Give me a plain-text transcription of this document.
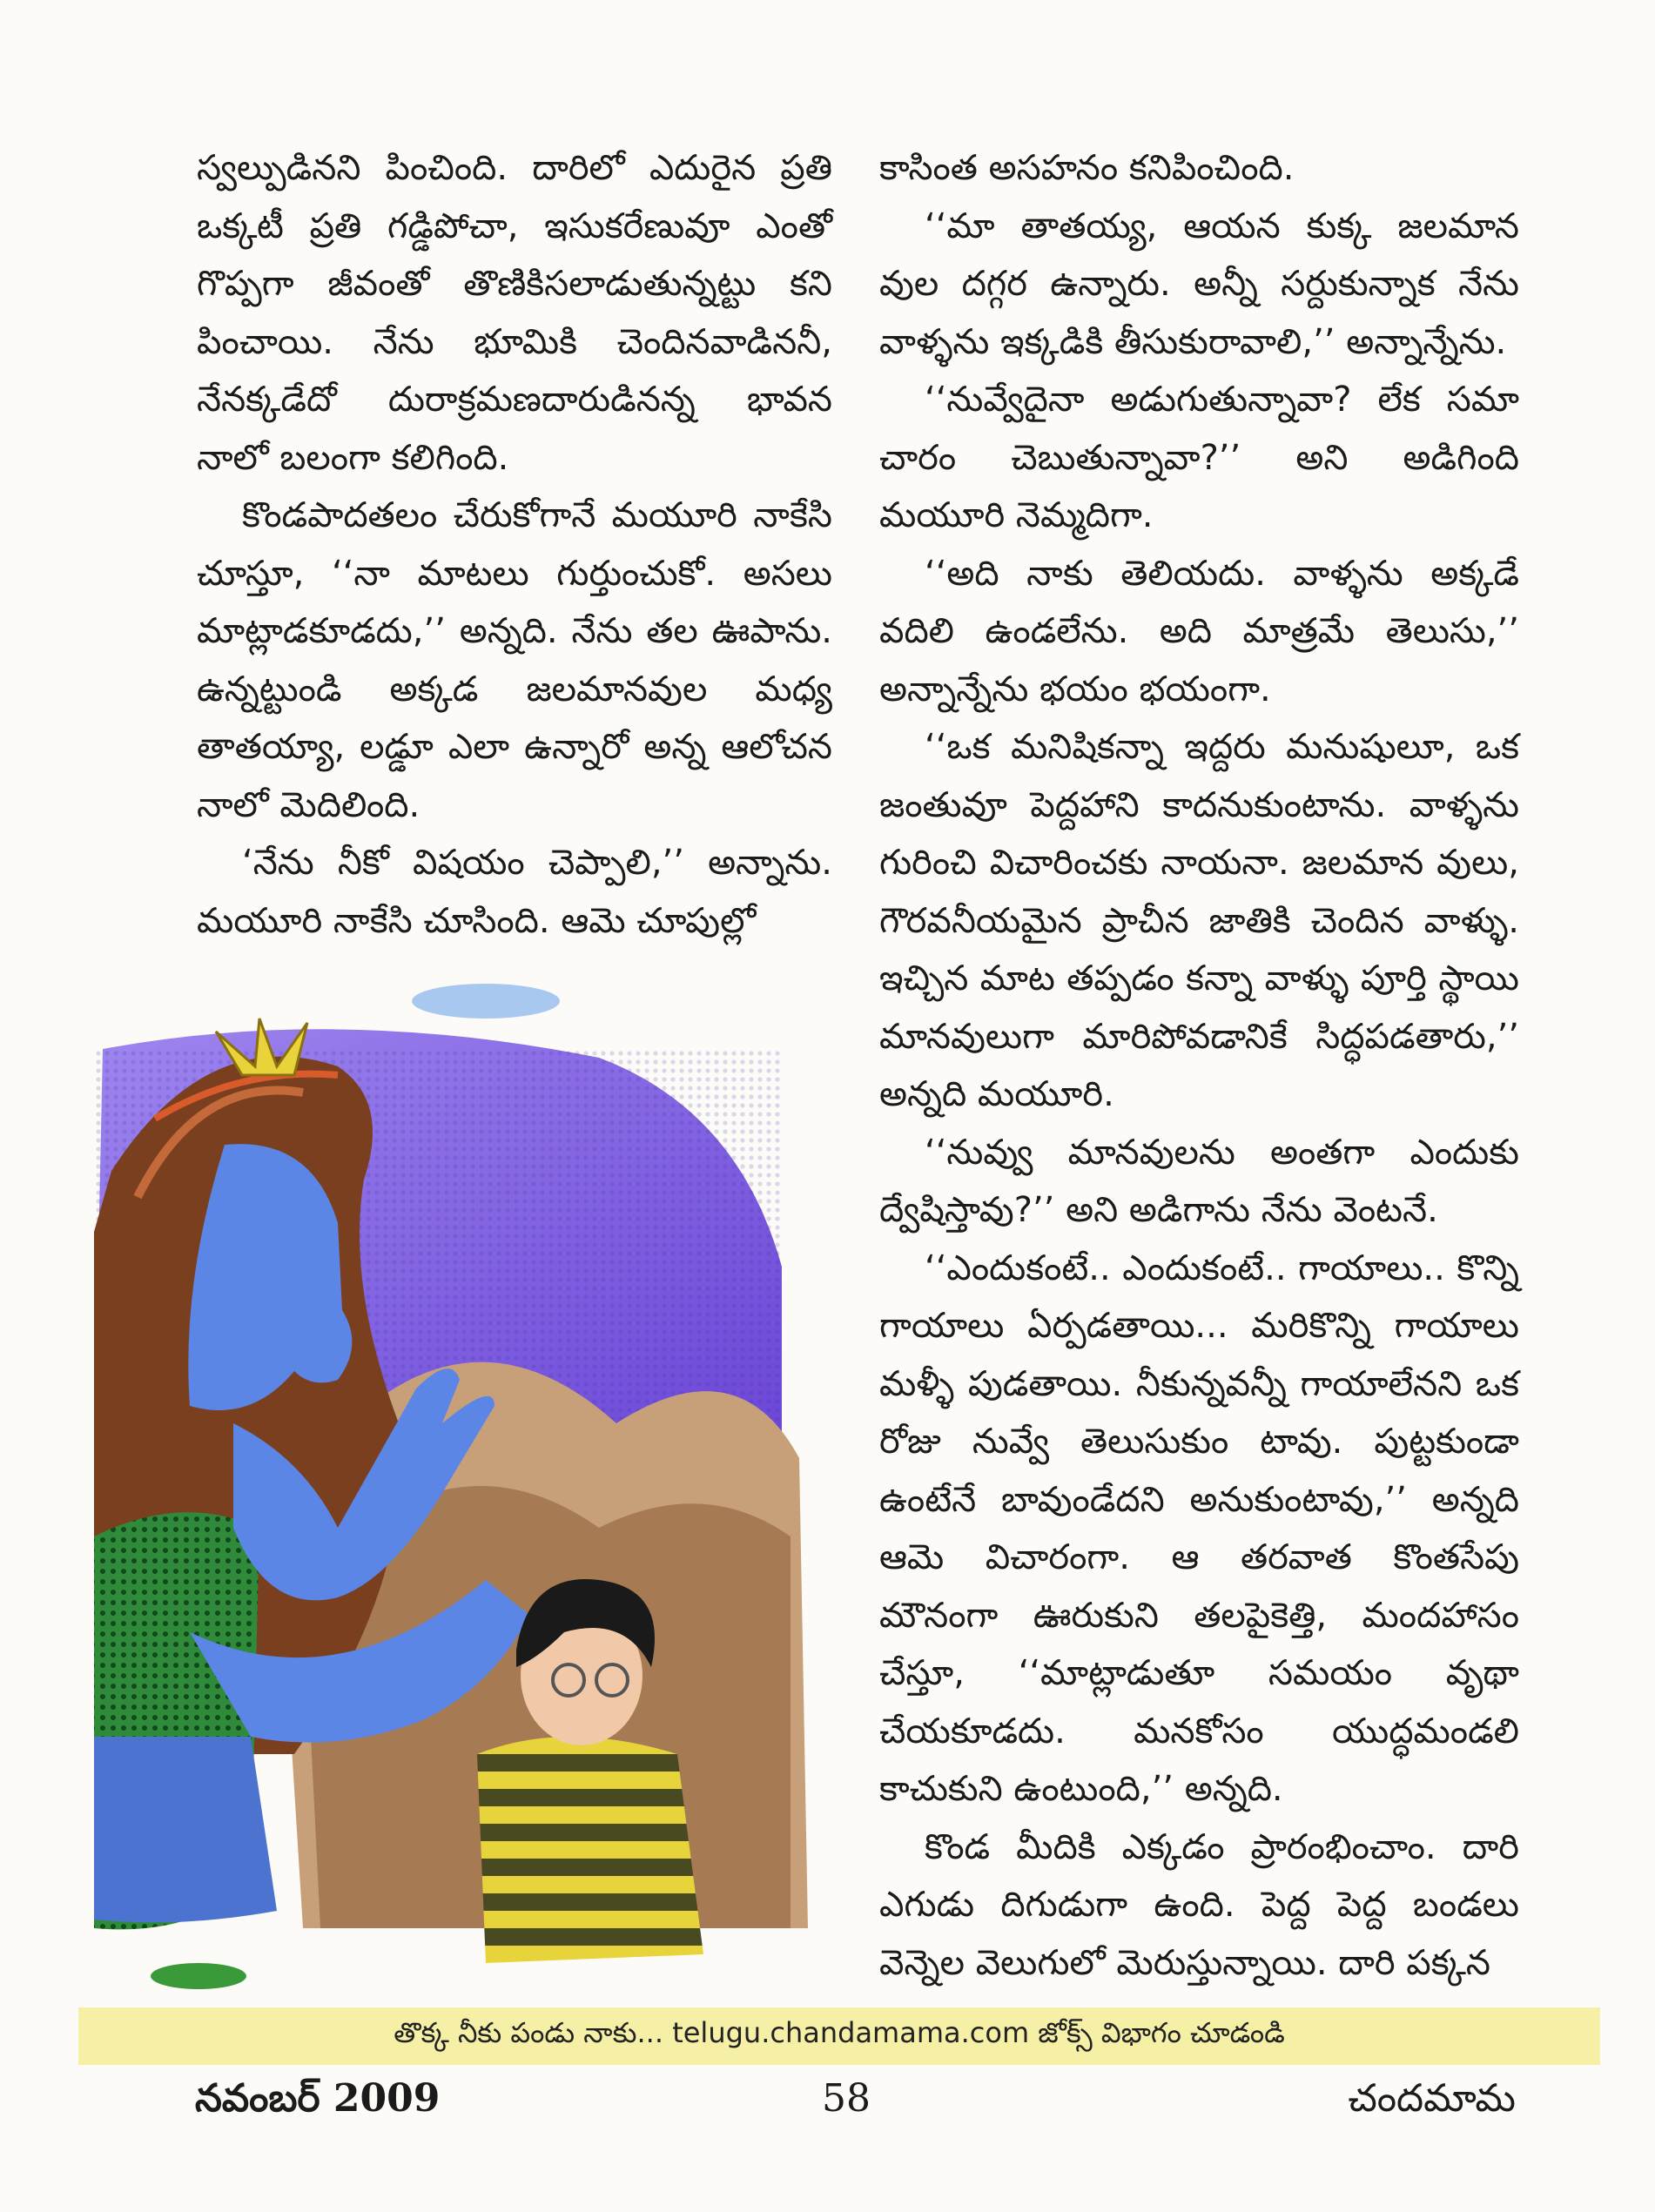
స్వల్పుడినని పించింది. దారిలో ఎదురైన ప్రతి ఒక్కటీ ప్రతి గడ్డిపోచా, ఇసుకరేణువూ ఎంతో గొప్పగా జీవంతో తొణికిసలాడుతున్నట్టు కని పించాయి. నేను భూమికి చెందినవాడిననీ, నేనక్కడేదో దురాక్రమణదారుడినన్న భావన నాలో బలంగా కలిగింది.

కొండపాదతలం చేరుకోగానే మయూరి నాకేసి చూస్తూ, ‘‘నా మాటలు గుర్తుంచుకో. అసలు మాట్లాడకూడదు,’’ అన్నది. నేను తల ఊపాను. ఉన్నట్టుండి అక్కడ జలమానవుల మధ్య తాతయ్యా, లడ్డూ ఎలా ఉన్నారో అన్న ఆలోచన నాలో మెదిలింది.

‘నేను నీకో విషయం చెప్పాలి,’’ అన్నాను. మయూరి నాకేసి చూసింది. ఆమె చూపుల్లో

కాసింత అసహనం కనిపించింది.

‘‘మా తాతయ్య, ఆయన కుక్క జలమాన వుల దగ్గర ఉన్నారు. అన్నీ సర్దుకున్నాక నేను వాళ్ళను ఇక్కడికి తీసుకురావాలి,’’ అన్నాన్నేను.

‘‘నువ్వేదైనా అడుగుతున్నావా? లేక సమా చారం చెబుతున్నావా?’’ అని అడిగింది మయూరి నెమ్మదిగా.

‘‘అది నాకు తెలియదు. వాళ్ళను అక్కడే వదిలి ఉండలేను. అది మాత్రమే తెలుసు,’’ అన్నాన్నేను భయం భయంగా.

‘‘ఒక మనిషికన్నా ఇద్దరు మనుషులూ, ఒక జంతువూ పెద్దహాని కాదనుకుంటాను. వాళ్ళను గురించి విచారించకు నాయనా. జలమాన వులు, గౌరవనీయమైన ప్రాచీన జాతికి చెందిన వాళ్ళు. ఇచ్చిన మాట తప్పడం కన్నా వాళ్ళు పూర్తి స్థాయి మానవులుగా మారిపోవడానికే సిద్ధపడతారు,’’ అన్నది మయూరి.

‘‘నువ్వు మానవులను అంతగా ఎందుకు ద్వేషిస్తావు?’’ అని అడిగాను నేను వెంటనే.

‘‘ఎందుకంటే.. ఎందుకంటే.. గాయాలు.. కొన్ని గాయాలు ఏర్పడతాయి... మరికొన్ని గాయాలు మళ్ళీ పుడతాయి. నీకున్నవన్నీ గాయాలేనని ఒక రోజు నువ్వే తెలుసుకుం టావు. పుట్టకుండా ఉంటేనే బావుండేదని అనుకుంటావు,’’ అన్నది ఆమె విచారంగా. ఆ తరవాత కొంతసేపు మౌనంగా ఊరుకుని తలపైకెత్తి, మందహాసం చేస్తూ, ‘‘మాట్లాడుతూ సమయం వృథా చేయకూడదు. మనకోసం యుద్ధమండలి కాచుకుని ఉంటుంది,’’ అన్నది.

కొండ మీదికి ఎక్కడం ప్రారంభించాం. దారి ఎగుడు దిగుడుగా ఉంది. పెద్ద పెద్ద బండలు వెన్నెల వెలుగులో మెరుస్తున్నాయి. దారి పక్కన

తొక్క నీకు పండు నాకు... telugu.chandamama.com జోక్స్ విభాగం చూడండి
నవంబర్ 2009	58	చందమామ
